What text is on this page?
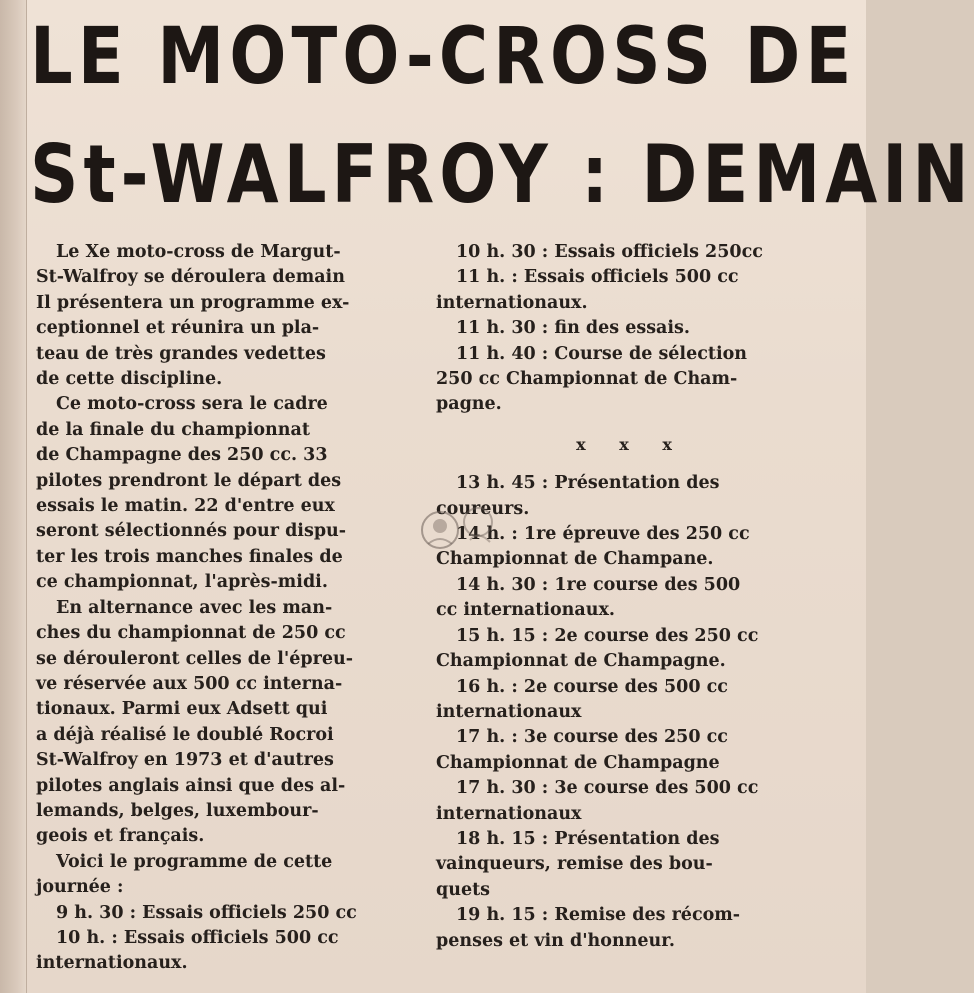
LE MOTO-CROSS DE
St-WALFROY : DEMAIN
Le Xe moto-cross de Margut-
St-Walfroy se déroulera demain
Il présentera un programme ex-
ceptionnel et réunira un pla-
teau de très grandes vedettes
de cette discipline.
Ce moto-cross sera le cadre
de la finale du championnat
de Champagne des 250 cc. 33
pilotes prendront le départ des
essais le matin. 22 d'entre eux
seront sélectionnés pour dispu-
ter les trois manches finales de
ce championnat, l'après-midi.
En alternance avec les man-
ches du championnat de 250 cc
se dérouleront celles de l'épreu-
ve réservée aux 500 cc interna-
tionaux. Parmi eux Adsett qui
a déjà réalisé le doublé Rocroi
St-Walfroy en 1973 et d'autres
pilotes anglais ainsi que des al-
lemands, belges, luxembour-
geois et français.
Voici le programme de cette
journée :
9 h. 30 : Essais officiels 250 cc
10 h. : Essais officiels 500 cc
internationaux.
10 h. 30 : Essais officiels 250cc
11 h. : Essais officiels 500 cc
internationaux.
11 h. 30 : fin des essais.
11 h. 40 : Course de sélection
250 cc Championnat de Cham-
pagne.
x x x
13 h. 45 : Présentation des
coureurs.
14 h. : 1re épreuve des 250 cc
Championnat de Champane.
14 h. 30 : 1re course des 500
cc internationaux.
15 h. 15 : 2e course des 250 cc
Championnat de Champagne.
16 h. : 2e course des 500 cc
internationaux
17 h. : 3e course des 250 cc
Championnat de Champagne
17 h. 30 : 3e course des 500 cc
internationaux
18 h. 15 : Présentation des
vainqueurs, remise des bou-
quets
19 h. 15 : Remise des récom-
penses et vin d'honneur.
